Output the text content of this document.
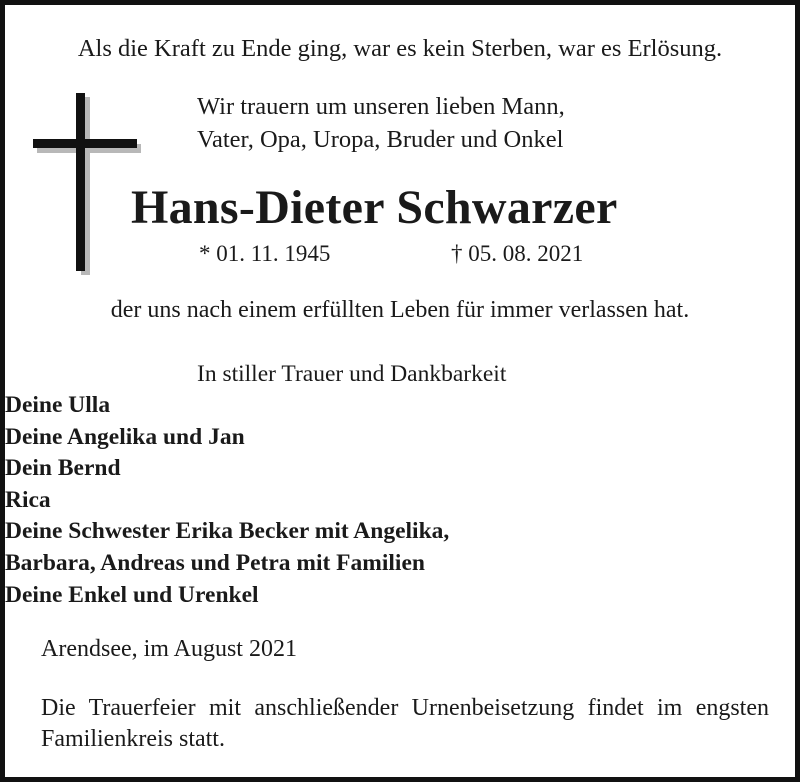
Als die Kraft zu Ende ging, war es kein Sterben, war es Erlösung.
Wir trauern um unseren lieben Mann,
Vater, Opa, Uropa, Bruder und Onkel
Hans-Dieter Schwarzer
* 01. 11. 1945	† 05. 08. 2021
der uns nach einem erfüllten Leben für immer verlassen hat.
In stiller Trauer und Dankbarkeit
Deine Ulla
Deine Angelika und Jan
Dein Bernd
Rica
Deine Schwester Erika Becker mit Angelika,
Barbara, Andreas und Petra mit Familien
Deine Enkel und Urenkel
Arendsee, im August 2021
Die Trauerfeier mit anschließender Urnenbeisetzung findet im engsten Familienkreis statt.
